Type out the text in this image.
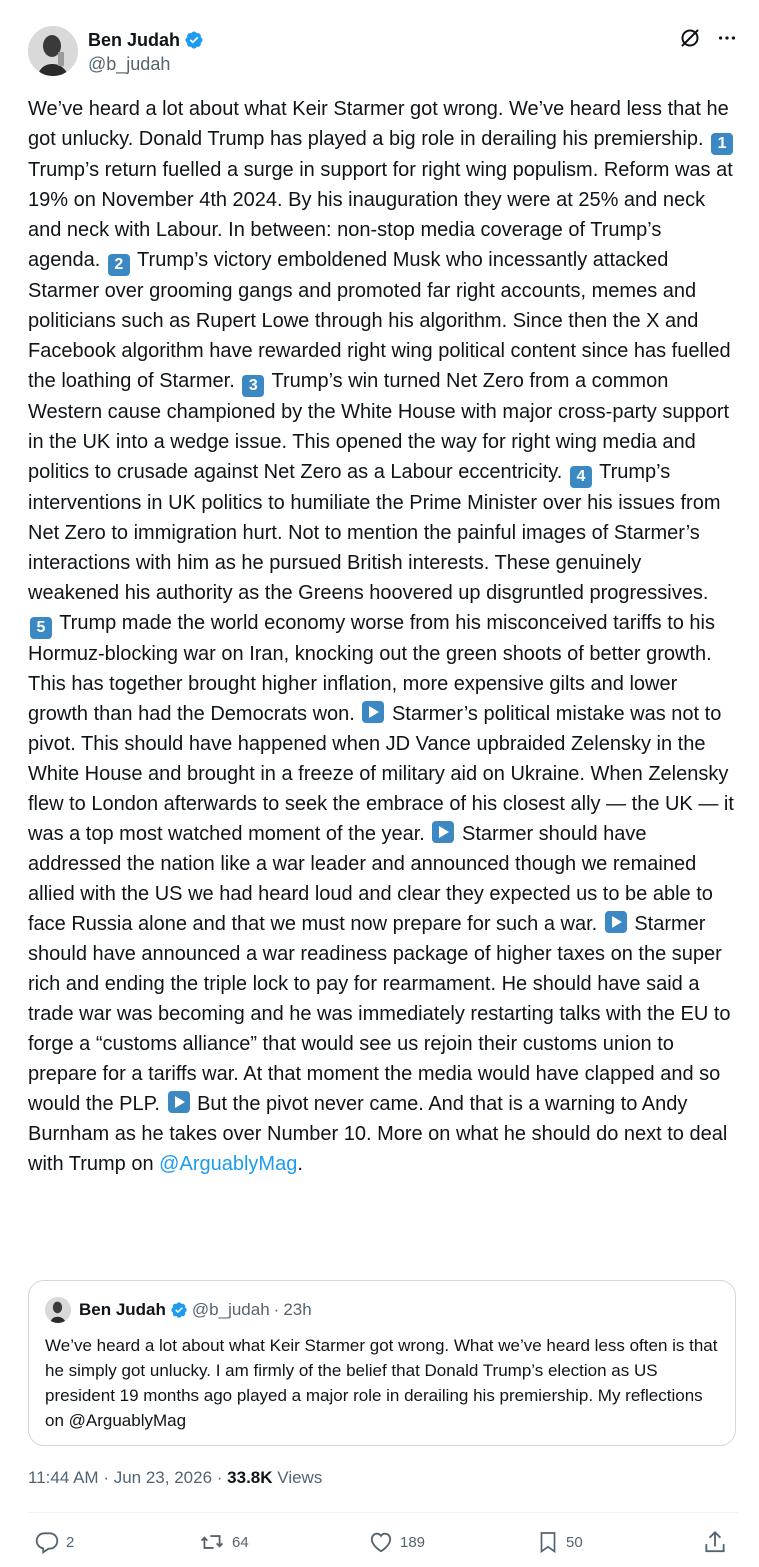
Ben Judah
@b_judah
We’ve heard a lot about what Keir Starmer got wrong. We’ve heard less that he got unlucky. Donald Trump has played a big role in derailing his premiership. 1 Trump’s return fuelled a surge in support for right wing populism. Reform was at 19% on November 4th 2024. By his inauguration they were at 25% and neck and neck with Labour. In between: non-stop media coverage of Trump’s agenda. 2 Trump’s victory emboldened Musk who incessantly attacked Starmer over grooming gangs and promoted far right accounts, memes and politicians such as Rupert Lowe through his algorithm. Since then the X and Facebook algorithm have rewarded right wing political content since has fuelled the loathing of Starmer. 3 Trump’s win turned Net Zero from a common Western cause championed by the White House with major cross-party support in the UK into a wedge issue. This opened the way for right wing media and politics to crusade against Net Zero as a Labour eccentricity. 4 Trump’s interventions in UK politics to humiliate the Prime Minister over his issues from Net Zero to immigration hurt. Not to mention the painful images of Starmer’s interactions with him as he pursued British interests. These genuinely weakened his authority as the Greens hoovered up disgruntled progressives. 5 Trump made the world economy worse from his misconceived tariffs to his Hormuz-blocking war on Iran, knocking out the green shoots of better growth. This has together brought higher inflation, more expensive gilts and lower growth than had the Democrats won.  Starmer’s political mistake was not to pivot. This should have happened when JD Vance upbraided Zelensky in the White House and brought in a freeze of military aid on Ukraine. When Zelensky flew to London afterwards to seek the embrace of his closest ally — the UK — it was a top most watched moment of the year.  Starmer should have addressed the nation like a war leader and announced though we remained allied with the US we had heard loud and clear they expected us to be able to face Russia alone and that we must now prepare for such a war.  Starmer should have announced a war readiness package of higher taxes on the super rich and ending the triple lock to pay for rearmament. He should have said a trade war was becoming and he was immediately restarting talks with the EU to forge a “customs alliance” that would see us rejoin their customs union to prepare for a tariffs war. At that moment the media would have clapped and so would the PLP.  But the pivot never came. And that is a warning to Andy Burnham as he takes over Number 10. More on what he should do next to deal with Trump on @ArguablyMag.
Ben Judah @b_judah · 23h
We’ve heard a lot about what Keir Starmer got wrong. What we’ve heard less often is that he simply got unlucky. I am firmly of the belief that Donald Trump’s election as US president 19 months ago played a major role in derailing his premiership. My reflections on @ArguablyMag
11:44 AM · Jun 23, 2026 · 33.8K Views
2	64	189	50
